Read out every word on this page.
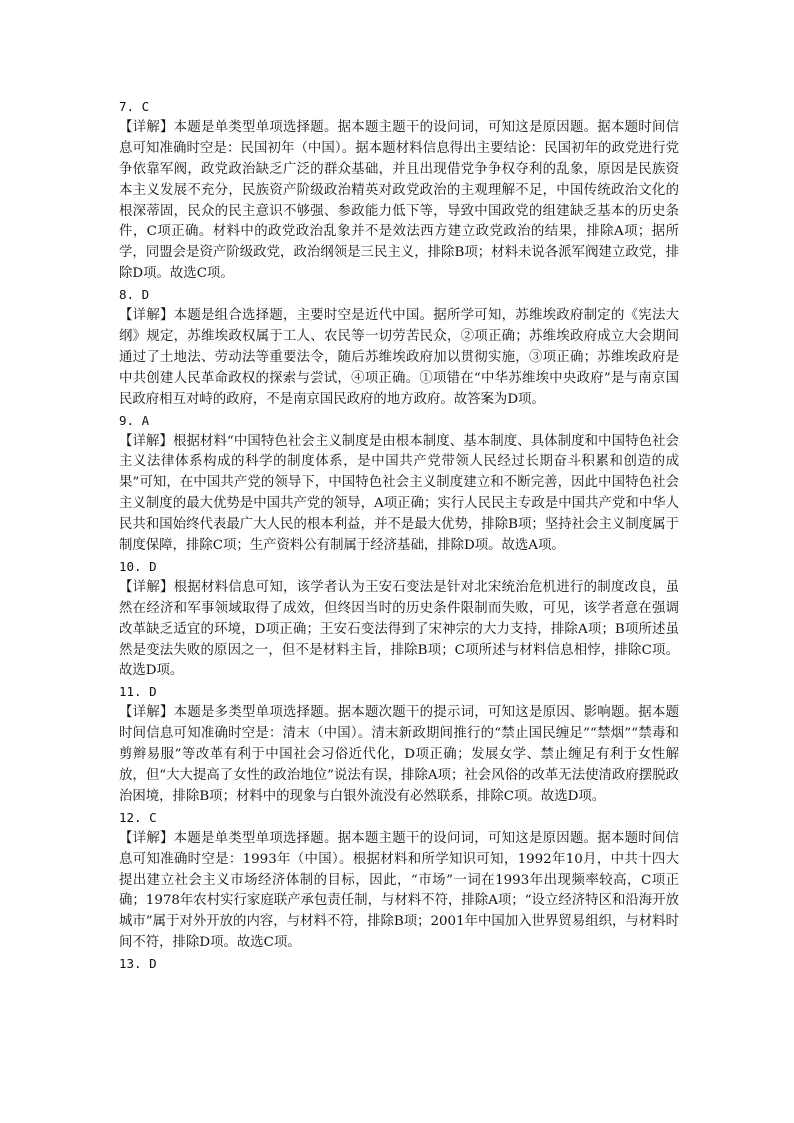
7. C

【详解】本题是单类型单项选择题。据本题主题干的设问词，可知这是原因题。据本题时间信息可知准确时空是：民国初年（中国）。据本题材料信息得出主要结论：民国初年的政党进行党争依靠军阀，政党政治缺乏广泛的群众基础，并且出现借党争争权夺利的乱象，原因是民族资本主义发展不充分，民族资产阶级政治精英对政党政治的主观理解不足，中国传统政治文化的根深蒂固，民众的民主意识不够强、参政能力低下等，导致中国政党的组建缺乏基本的历史条件，C项正确。材料中的政党政治乱象并不是效法西方建立政党政治的结果，排除A项；据所学，同盟会是资产阶级政党，政治纲领是三民主义，排除B项；材料未说各派军阀建立政党，排除D项。故选C项。

8. D

【详解】本题是组合选择题，主要时空是近代中国。据所学可知，苏维埃政府制定的《宪法大纲》规定，苏维埃政权属于工人、农民等一切劳苦民众，②项正确；苏维埃政府成立大会期间通过了土地法、劳动法等重要法令，随后苏维埃政府加以贯彻实施，③项正确；苏维埃政府是中共创建人民革命政权的探索与尝试，④项正确。①项错在“中华苏维埃中央政府”是与南京国民政府相互对峙的政府，不是南京国民政府的地方政府。故答案为D项。

9. A

【详解】根据材料“中国特色社会主义制度是由根本制度、基本制度、具体制度和中国特色社会主义法律体系构成的科学的制度体系，是中国共产党带领人民经过长期奋斗积累和创造的成果”可知，在中国共产党的领导下，中国特色社会主义制度建立和不断完善，因此中国特色社会主义制度的最大优势是中国共产党的领导，A项正确；实行人民民主专政是中国共产党和中华人民共和国始终代表最广大人民的根本利益，并不是最大优势，排除B项；坚持社会主义制度属于制度保障，排除C项；生产资料公有制属于经济基础，排除D项。故选A项。

10. D

【详解】根据材料信息可知，该学者认为王安石变法是针对北宋统治危机进行的制度改良，虽然在经济和军事领域取得了成效，但终因当时的历史条件限制而失败，可见，该学者意在强调改革缺乏适宜的环境，D项正确；王安石变法得到了宋神宗的大力支持，排除A项；B项所述虽然是变法失败的原因之一，但不是材料主旨，排除B项；C项所述与材料信息相悖，排除C项。故选D项。

11. D

【详解】本题是多类型单项选择题。据本题次题干的提示词，可知这是原因、影响题。据本题时间信息可知准确时空是：清末（中国）。清末新政期间推行的“禁止国民缠足”“禁烟”“禁毒和剪辫易服”等改革有利于中国社会习俗近代化，D项正确；发展女学、禁止缠足有利于女性解放，但“大大提高了女性的政治地位”说法有误，排除A项；社会风俗的改革无法使清政府摆脱政治困境，排除B项；材料中的现象与白银外流没有必然联系，排除C项。故选D项。

12. C

【详解】本题是单类型单项选择题。据本题主题干的设问词，可知这是原因题。据本题时间信息可知准确时空是：1993年（中国）。根据材料和所学知识可知，1992年10月，中共十四大提出建立社会主义市场经济体制的目标，因此，“市场”一词在1993年出现频率较高，C项正确；1978年农村实行家庭联产承包责任制，与材料不符，排除A项；“设立经济特区和沿海开放城市”属于对外开放的内容，与材料不符，排除B项；2001年中国加入世界贸易组织，与材料时间不符，排除D项。故选C项。

13. D
